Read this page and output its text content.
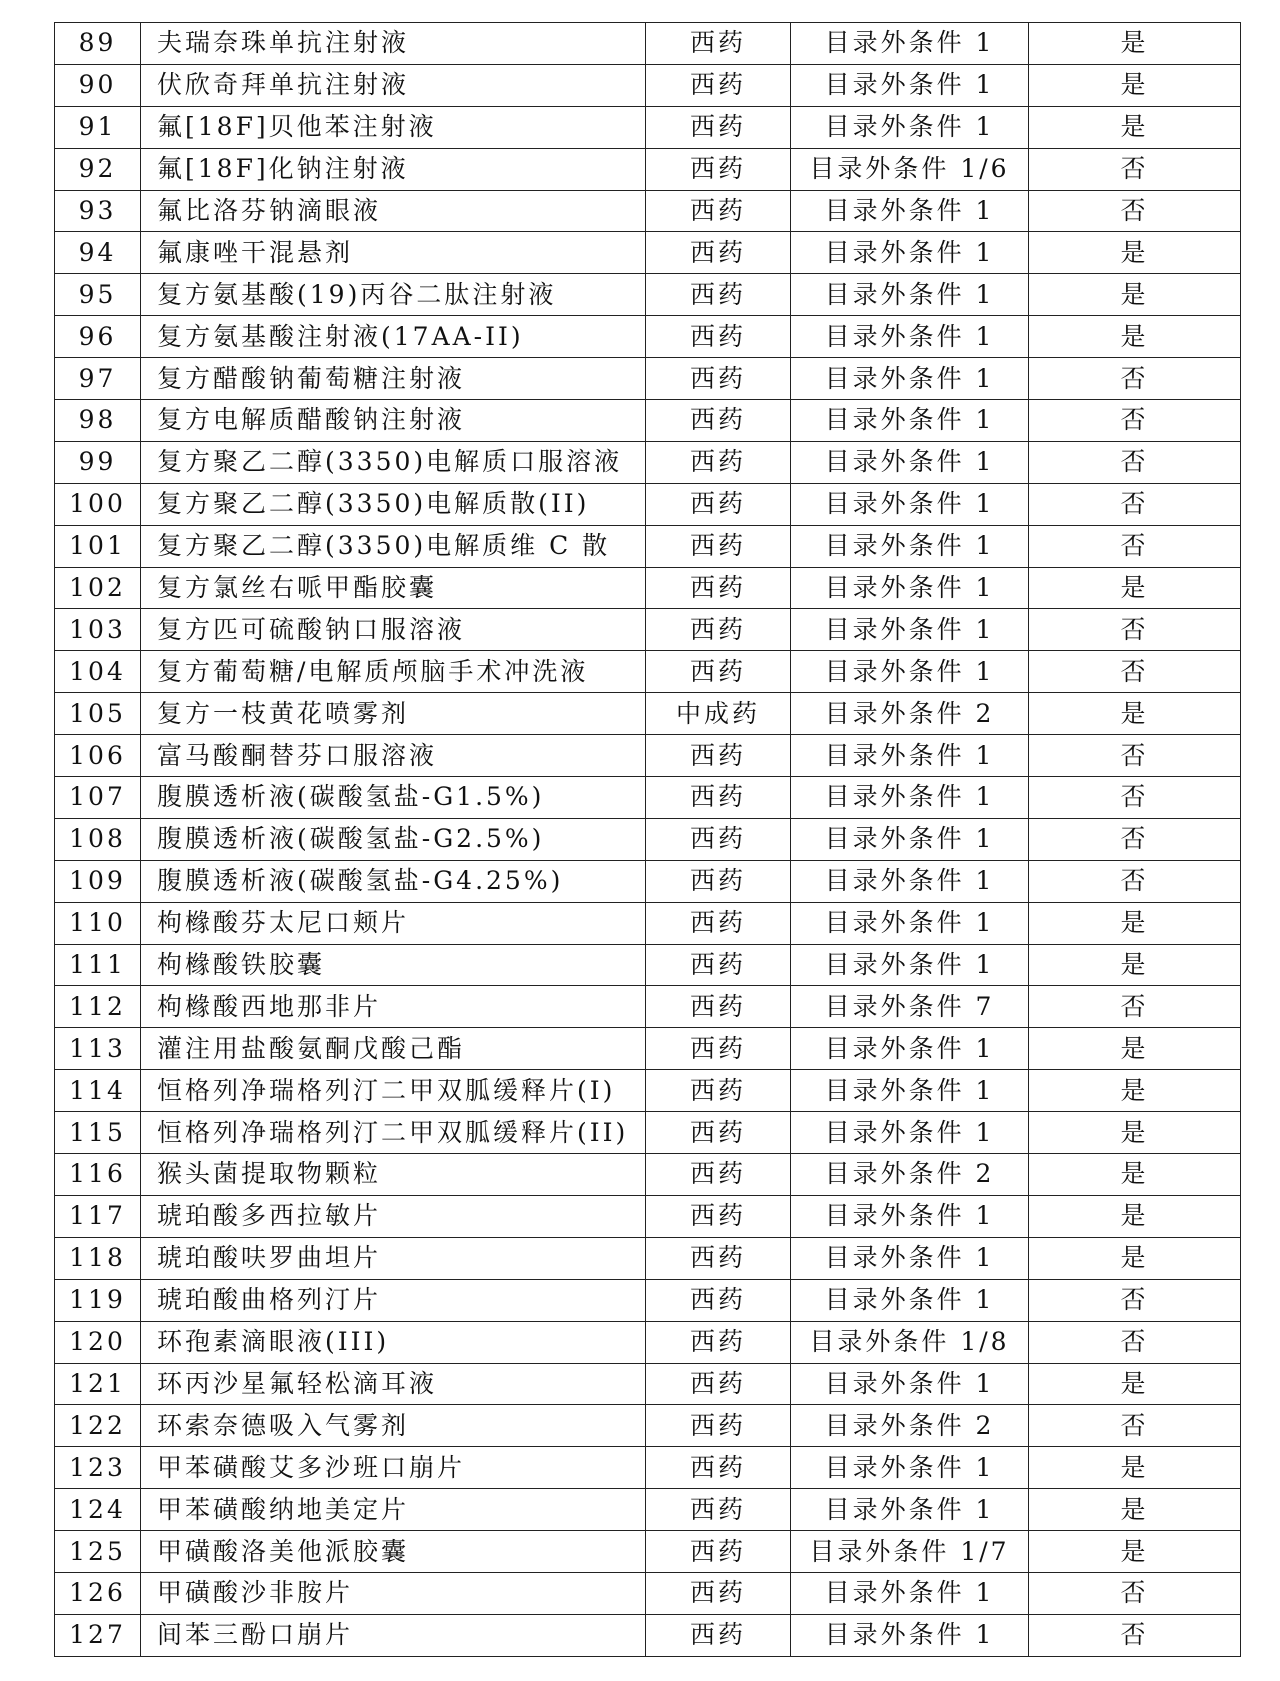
89	夫瑞奈珠单抗注射液	西药	目录外条件 1	是
90	伏欣奇拜单抗注射液	西药	目录外条件 1	是
91	氟[18F]贝他苯注射液	西药	目录外条件 1	是
92	氟[18F]化钠注射液	西药	目录外条件 1/6	否
93	氟比洛芬钠滴眼液	西药	目录外条件 1	否
94	氟康唑干混悬剂	西药	目录外条件 1	是
95	复方氨基酸(19)丙谷二肽注射液	西药	目录外条件 1	是
96	复方氨基酸注射液(17AA-II)	西药	目录外条件 1	是
97	复方醋酸钠葡萄糖注射液	西药	目录外条件 1	否
98	复方电解质醋酸钠注射液	西药	目录外条件 1	否
99	复方聚乙二醇(3350)电解质口服溶液	西药	目录外条件 1	否
100	复方聚乙二醇(3350)电解质散(II)	西药	目录外条件 1	否
101	复方聚乙二醇(3350)电解质维 C 散	西药	目录外条件 1	否
102	复方氯丝右哌甲酯胶囊	西药	目录外条件 1	是
103	复方匹可硫酸钠口服溶液	西药	目录外条件 1	否
104	复方葡萄糖/电解质颅脑手术冲洗液	西药	目录外条件 1	否
105	复方一枝黄花喷雾剂	中成药	目录外条件 2	是
106	富马酸酮替芬口服溶液	西药	目录外条件 1	否
107	腹膜透析液(碳酸氢盐-G1.5%)	西药	目录外条件 1	否
108	腹膜透析液(碳酸氢盐-G2.5%)	西药	目录外条件 1	否
109	腹膜透析液(碳酸氢盐-G4.25%)	西药	目录外条件 1	否
110	枸橼酸芬太尼口颊片	西药	目录外条件 1	是
111	枸橼酸铁胶囊	西药	目录外条件 1	是
112	枸橼酸西地那非片	西药	目录外条件 7	否
113	灌注用盐酸氨酮戊酸己酯	西药	目录外条件 1	是
114	恒格列净瑞格列汀二甲双胍缓释片(I)	西药	目录外条件 1	是
115	恒格列净瑞格列汀二甲双胍缓释片(II)	西药	目录外条件 1	是
116	猴头菌提取物颗粒	西药	目录外条件 2	是
117	琥珀酸多西拉敏片	西药	目录外条件 1	是
118	琥珀酸呋罗曲坦片	西药	目录外条件 1	是
119	琥珀酸曲格列汀片	西药	目录外条件 1	否
120	环孢素滴眼液(III)	西药	目录外条件 1/8	否
121	环丙沙星氟轻松滴耳液	西药	目录外条件 1	是
122	环索奈德吸入气雾剂	西药	目录外条件 2	否
123	甲苯磺酸艾多沙班口崩片	西药	目录外条件 1	是
124	甲苯磺酸纳地美定片	西药	目录外条件 1	是
125	甲磺酸洛美他派胶囊	西药	目录外条件 1/7	是
126	甲磺酸沙非胺片	西药	目录外条件 1	否
127	间苯三酚口崩片	西药	目录外条件 1	否
